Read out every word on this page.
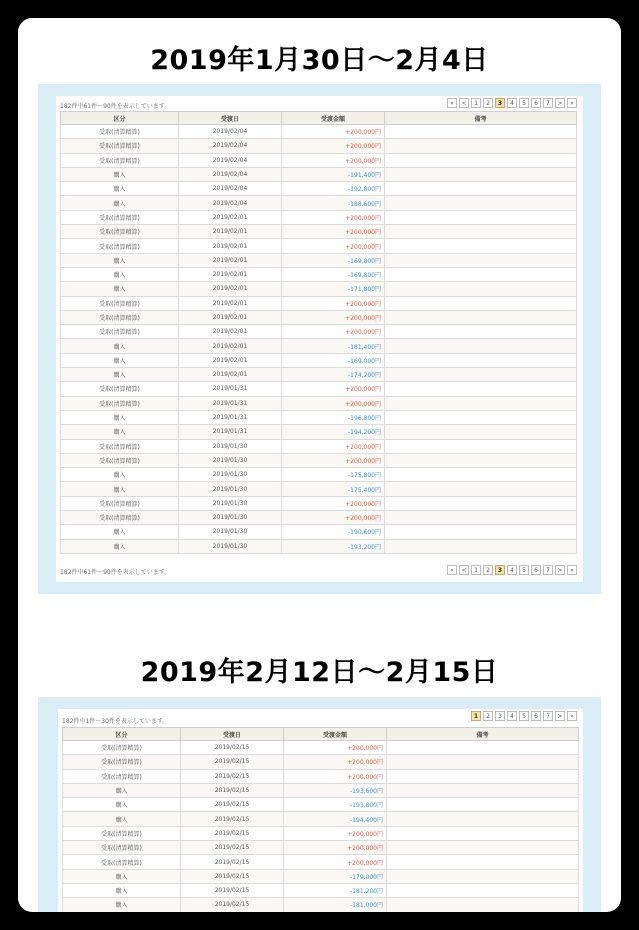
2019年1月30日～2月4日
182件中61件～90件を表示しています。	«	<	1	2	3	4	5	6	7	>	»
区分	受渡日	受渡金額	備考
受取(清算精算)	2019/02/04	+200,000円	
受取(清算精算)	2019/02/04	+200,000円	
受取(清算精算)	2019/02/04	+200,000円	
購入	2019/02/04	-191,400円	
購入	2019/02/04	-192,800円	
購入	2019/02/04	-188,600円	
受取(清算精算)	2019/02/01	+200,000円	
受取(清算精算)	2019/02/01	+200,000円	
受取(清算精算)	2019/02/01	+200,000円	
購入	2019/02/01	-169,800円	
購入	2019/02/01	-169,800円	
購入	2019/02/01	-171,800円	
受取(清算精算)	2019/02/01	+200,000円	
受取(清算精算)	2019/02/01	+200,000円	
受取(清算精算)	2019/02/01	+200,000円	
購入	2019/02/01	-181,400円	
購入	2019/02/01	-169,000円	
購入	2019/02/01	-174,200円	
受取(清算精算)	2019/01/31	+200,000円	
受取(清算精算)	2019/01/31	+200,000円	
購入	2019/01/31	-196,800円	
購入	2019/01/31	-194,200円	
受取(清算精算)	2019/01/30	+200,000円	
受取(清算精算)	2019/01/30	+200,000円	
購入	2019/01/30	-175,800円	
購入	2019/01/30	-175,400円	
受取(清算精算)	2019/01/30	+200,000円	
受取(清算精算)	2019/01/30	+200,000円	
購入	2019/01/30	-190,600円	
購入	2019/01/30	-193,200円	
182件中61件～90件を表示しています。	«	<	1	2	3	4	5	6	7	>	»
2019年2月12日～2月15日
182件中1件～30件を表示しています。
1	2	3	4	5	6	7	>	»
区分	受渡日	受渡金額	備考
受取(清算精算)	2019/02/15	+200,000円	
受取(清算精算)	2019/02/15	+200,000円	
受取(清算精算)	2019/02/15	+200,000円	
購入	2019/02/15	-193,600円	
購入	2019/02/15	-193,800円	
購入	2019/02/15	-194,400円	
受取(清算精算)	2019/02/15	+200,000円	
受取(清算精算)	2019/02/15	+200,000円	
受取(清算精算)	2019/02/15	+200,000円	
購入	2019/02/15	-179,000円	
購入	2019/02/15	-181,200円	
購入	2019/02/15	-181,000円	
